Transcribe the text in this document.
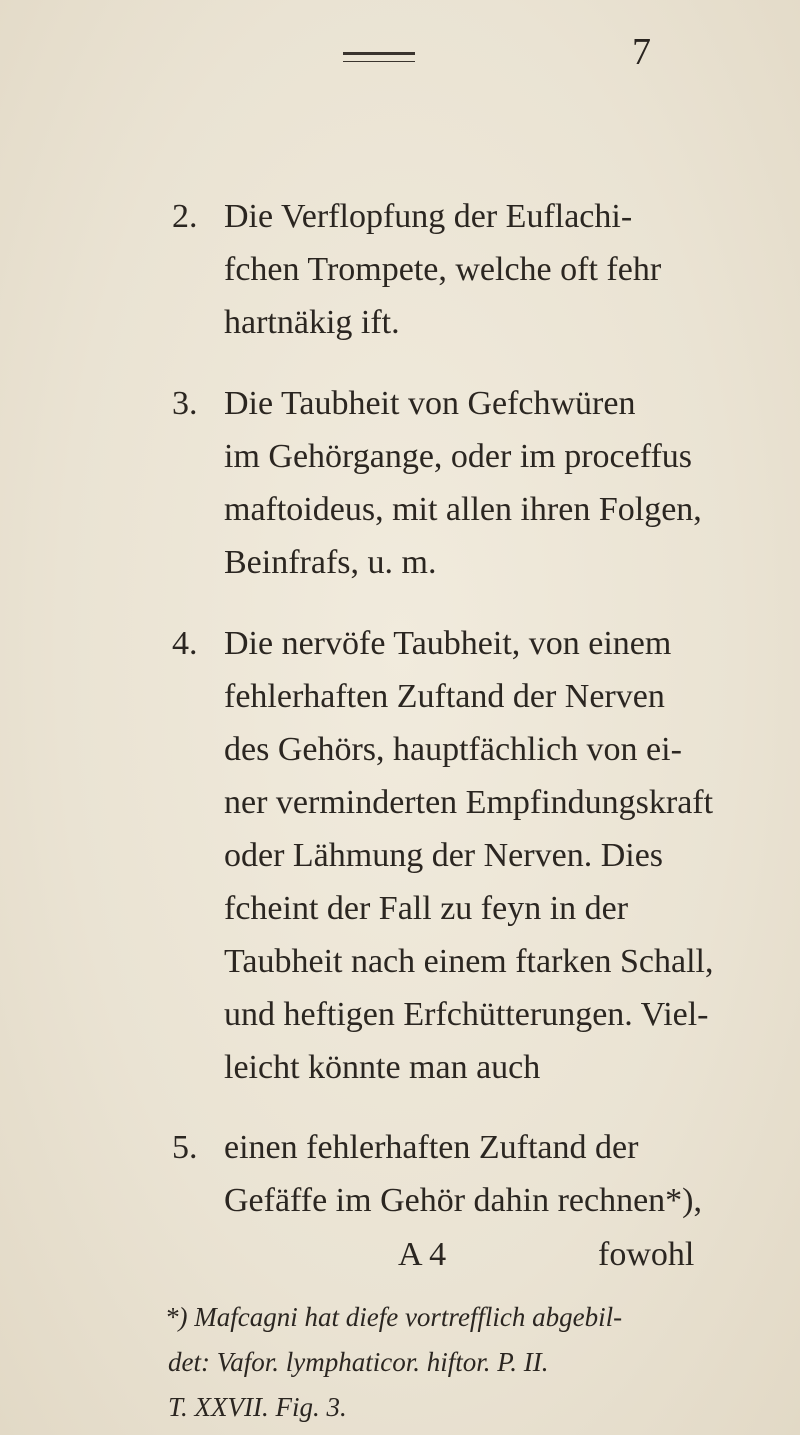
7
2. Die Verflopfung der Euflachi-
fchen Trompete, welche oft fehr
hartnäkig ift.
3. Die Taubheit von Gefchwüren
im Gehörgange, oder im proceffus
maftoideus, mit allen ihren Folgen,
Beinfrafs, u. m.
4. Die nervöfe Taubheit, von einem
fehlerhaften Zuftand der Nerven
des Gehörs, hauptfächlich von ei-
ner verminderten Empfindungskraft
oder Lähmung der Nerven. Dies
fcheint der Fall zu feyn in der
Taubheit nach einem ftarken Schall,
und heftigen Erfchütterungen. Viel-
leicht könnte man auch
5. einen fehlerhaften Zuftand der
Gefäffe im Gehör dahin rechnen*),
A 4	fowohl
*) Mafcagni hat diefe vortrefflich abgebil-
det: Vafor. lymphaticor. hiftor. P. II.
T. XXVII. Fig. 3.
